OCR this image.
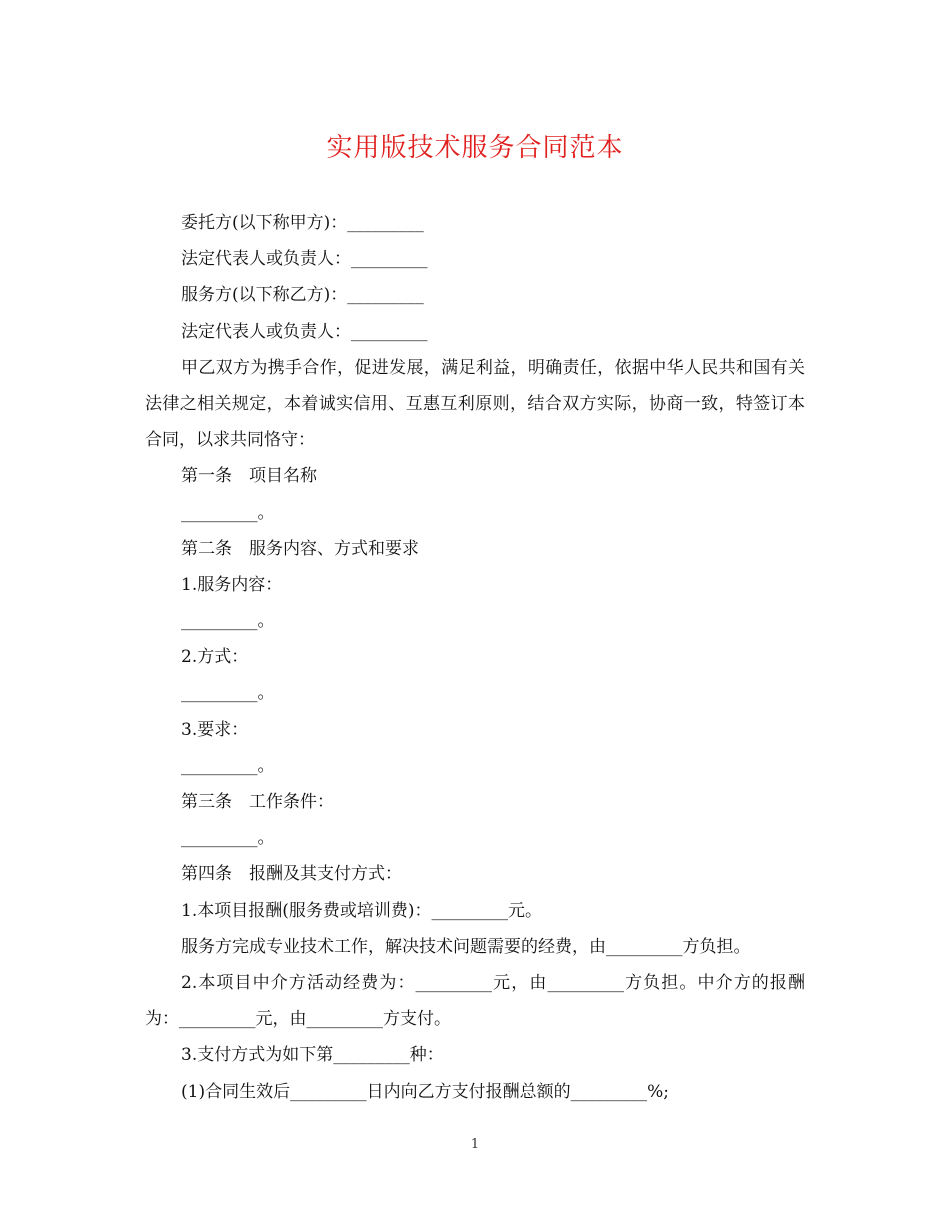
实用版技术服务合同范本
委托方(以下称甲方)：_________
法定代表人或负责人：_________
服务方(以下称乙方)：_________
法定代表人或负责人：_________
甲乙双方为携手合作，促进发展，满足利益，明确责任，依据中华人民共和国有关法律之相关规定，本着诚实信用、互惠互利原则，结合双方实际，协商一致，特签订本合同，以求共同恪守：
第一条　项目名称
_________。
第二条　服务内容、方式和要求
1.服务内容：
_________。
2.方式：
_________。
3.要求：
_________。
第三条　工作条件：
_________。
第四条　报酬及其支付方式：
1.本项目报酬(服务费或培训费)：_________元。
服务方完成专业技术工作，解决技术问题需要的经费，由_________方负担。
2.本项目中介方活动经费为：_________元，由_________方负担。中介方的报酬为：_________元，由_________方支付。
3.支付方式为如下第_________种：
(1)合同生效后_________日内向乙方支付报酬总额的_________%;
1
